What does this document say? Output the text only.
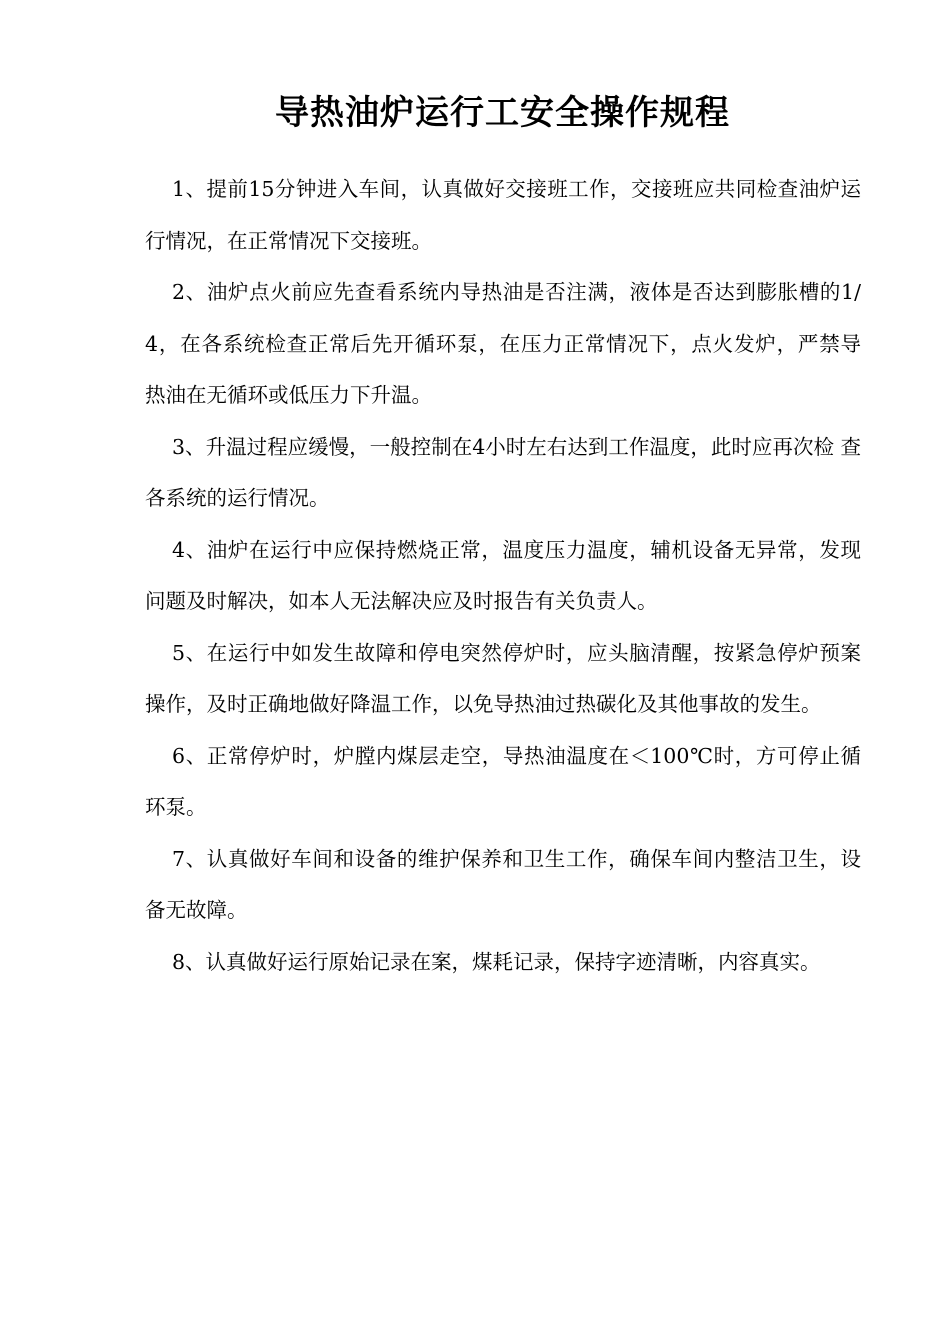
导热油炉运行工安全操作规程

1、提前15分钟进入车间，认真做好交接班工作，交接班应共同检查油炉运 行情况，在正常情况下交接班。

2、油炉点火前应先查看系统内导热油是否注满，液体是否达到膨胀槽的1/4，在各系统检查正常后先开循环泵，在压力正常情况下，点火发炉，严禁导 热油在无循环或低压力下升温。

3、升温过程应缓慢，一般控制在4小时左右达到工作温度，此时应再次检 查各系统的运行情况。

4、油炉在运行中应保持燃烧正常，温度压力温度，辅机设备无异常，发现 问题及时解决，如本人无法解决应及时报告有关负责人。

5、在运行中如发生故障和停电突然停炉时，应头脑清醒，按紧急停炉预案 操作，及时正确地做好降温工作，以免导热油过热碳化及其他事故的发生。

6、正常停炉时，炉膛内煤层走空，导热油温度在＜100℃时，方可停止循环泵。

7、认真做好车间和设备的维护保养和卫生工作，确保车间内整洁卫生，设 备无故障。

8、认真做好运行原始记录在案，煤耗记录，保持字迹清晰，内容真实。
